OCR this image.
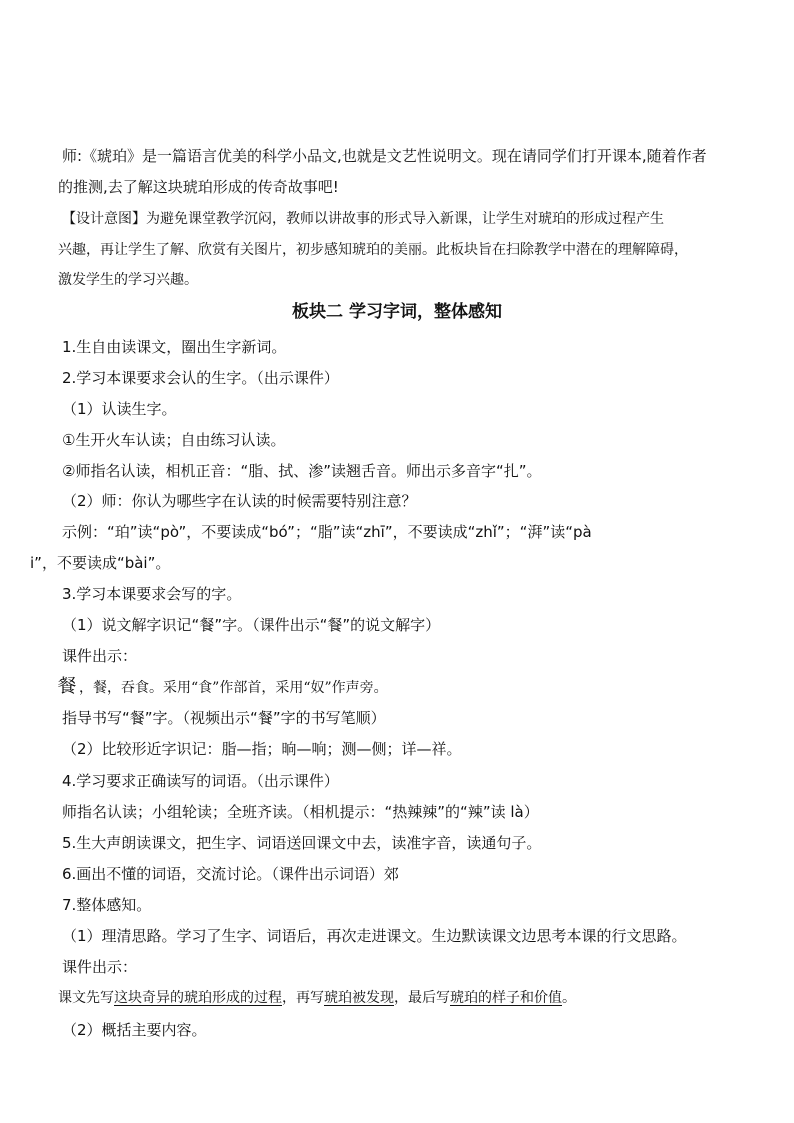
师:《琥珀》是一篇语言优美的科学小品文,也就是文艺性说明文。现在请同学们打开课本,随着作者
的推测,去了解这块琥珀形成的传奇故事吧!
【设计意图】为避免课堂教学沉闷，教师以讲故事的形式导入新课，让学生对琥珀的形成过程产生
兴趣，再让学生了解、欣赏有关图片，初步感知琥珀的美丽。此板块旨在扫除教学中潜在的理解障碍，
激发学生的学习兴趣。
板块二 学习字词，整体感知
1.生自由读课文，圈出生字新词。
2.学习本课要求会认的生字。（出示课件）
（1）认读生字。
①生开火车认读；自由练习认读。
②师指名认读，相机正音：“脂、拭、渗”读翘舌音。师出示多音字“扎”。
（2）师：你认为哪些字在认读的时候需要特别注意？
示例：“珀”读“pò”，不要读成“bó”；“脂”读“zhī”，不要读成“zhǐ”；“湃”读“pà
i”，不要读成“bài”。
3.学习本课要求会写的字。
（1）说文解字识记“餐”字。（课件出示“餐”的说文解字）
课件出示：
餐 ，餐，吞食。采用“食”作部首，采用“奴”作声旁。
指导书写“餐”字。（视频出示“餐”字的书写笔顺）
（2）比较形近字识记：脂—指；晌—响；测—侧；详—祥。
4.学习要求正确读写的词语。（出示课件）
师指名认读；小组轮读；全班齐读。（相机提示：“热辣辣”的“辣”读 là）
5.生大声朗读课文，把生字、词语送回课文中去，读准字音，读通句子。
6.画出不懂的词语，交流讨论。（课件出示词语）郊
7.整体感知。
（1）理清思路。学习了生字、词语后，再次走进课文。生边默读课文边思考本课的行文思路。
课件出示：
课文先写这块奇异的琥珀形成的过程，再写琥珀被发现，最后写琥珀的样子和价值。
（2）概括主要内容。
